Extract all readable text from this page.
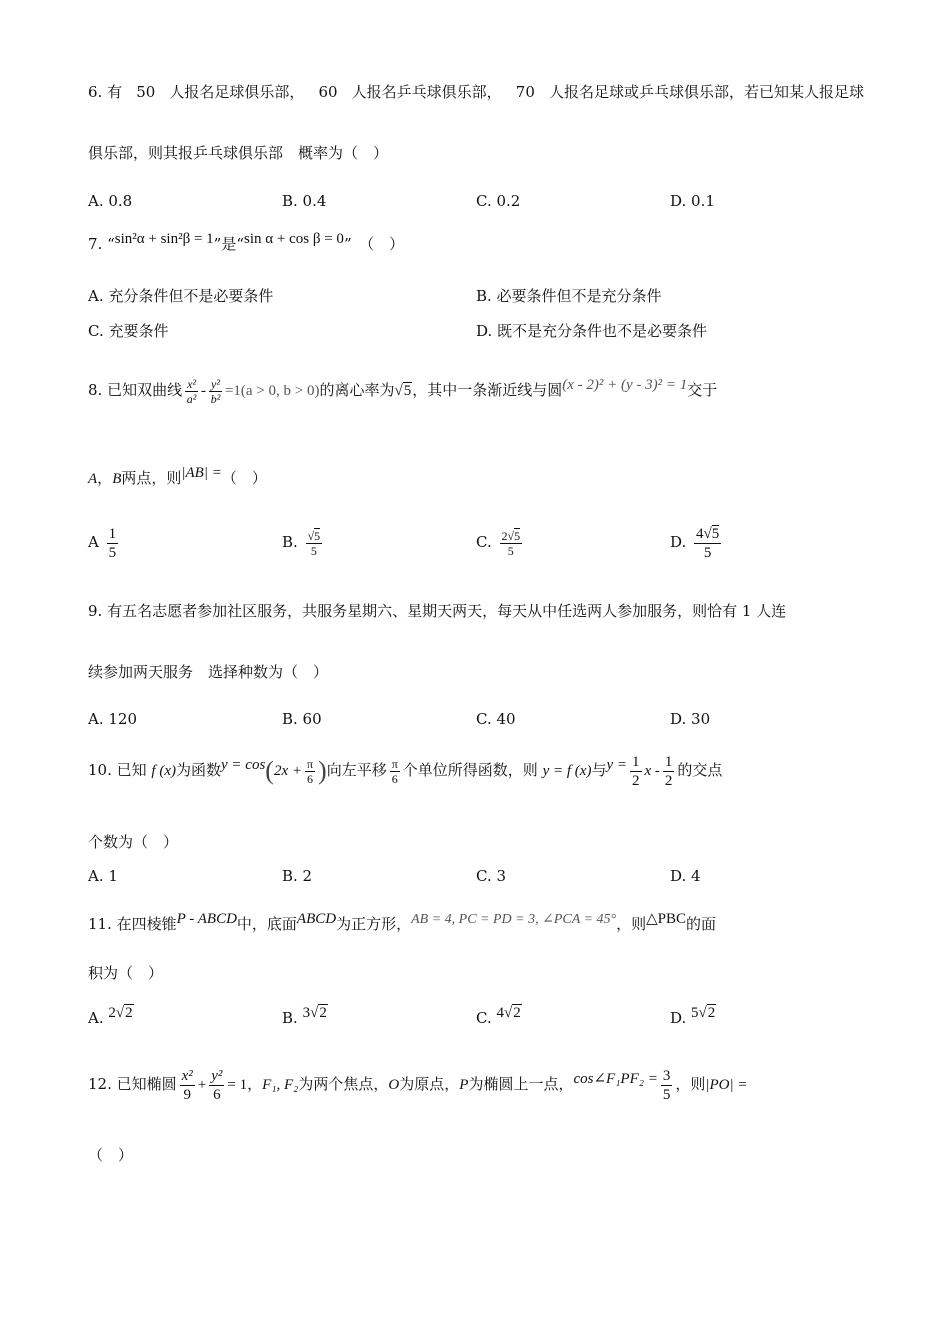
6. 有 50 人报名足球俱乐部， 60 人报名乒乓球俱乐部， 70 人报名足球或乒乓球俱乐部，若已知某人报足球
俱乐部，则其报乒乓球俱乐部　概率为（　）
A. 0.8	B. 0.4	C. 0.2	D. 0.1
7. “sin²α + sin²β = 1”是“sin α + cos β = 0”　（　）
A. 充分条件但不是必要条件	B. 必要条件但不是充分条件
C. 充要条件	D. 既不是充分条件也不是必要条件
8. 已知双曲线 $\frac{\text{x²}}{\text{a²}} - \frac{\text{y²}}{\text{b²}} =1(a > 0$, b > 0)的离心率为√5，其中一条渐近线与圆(x - 2)² + (y - 3)² = 1交于
A，B两点，则|AB| =（　）
A $\frac{1}{5}$	B. $\frac{√5}{5}$	C. $\frac{2√5}{5}$	D. $\frac{4√5}{5}$
9. 有五名志愿者参加社区服务，共服务星期六、星期天两天，每天从中任选两人参加服务，则恰有 1 人连
续参加两天服务　选择种数为（　）
A. 120	B. 60	C. 40	D. 30
10. 已知 f (x)为函数$y = \cos(2x + \frac{\pi}{6}$ )向左平移 $\frac{\pi}{6}$ 个单位所得函数，则 y = f (x)与$y = \frac{1}{2}$ x - $\frac{1}{2}$ 的交点
个数为（　）
A. 1	B. 2	C. 3	D. 4
11. 在四棱锥P - ABCD中，底面ABCD为正方形，AB = 4, PC = PD = 3, ∠PCA = 45°，则△PBC的面
积为（　）
A. 2√2	B. 3√2	C. 4√2	D. 5√2
12. 已知椭圆 $\frac{\text{x²}}{9} + \frac{\text{y²}}{6} = 1$，F₁, F₂为两个焦点，O为原点，P为椭圆上一点，cos∠F₁PF₂ = $\frac{3}{5}$ ，则|PO| =
（　）
